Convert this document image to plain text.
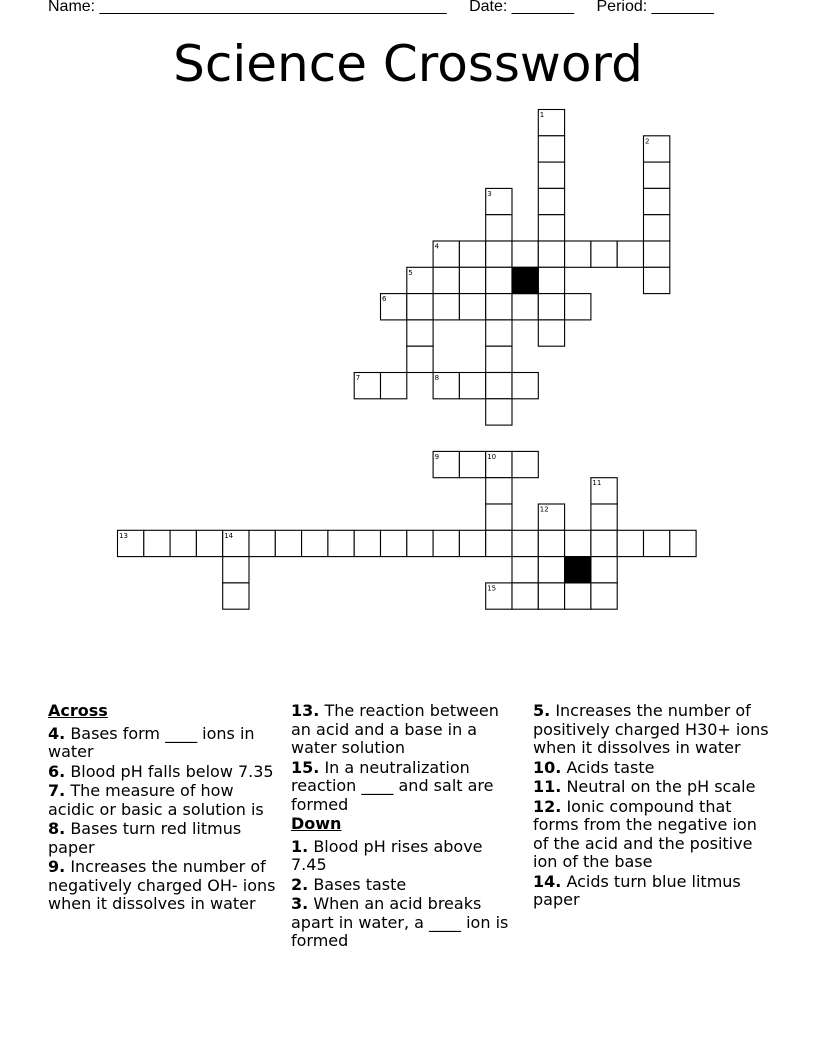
Name: _______________________________________ Date: _______ Period: _______
Science Crossword
1
2
3
4
5
6
7	8
9	10
11
12
13	14
15
Across
4. Bases form ____ ions in water
6. Blood pH falls below 7.35
7. The measure of how acidic or basic a solution is
8. Bases turn red litmus paper
9. Increases the number of negatively charged OH- ions when it dissolves in water
13. The reaction between an acid and a base in a water solution
15. In a neutralization reaction ____ and salt are formed
Down
1. Blood pH rises above 7.45
2. Bases taste
3. When an acid breaks apart in water, a ____ ion is formed
5. Increases the number of positively charged H30+ ions when it dissolves in water
10. Acids taste
11. Neutral on the pH scale
12. Ionic compound that forms from the negative ion of the acid and the positive ion of the base
14. Acids turn blue litmus paper
